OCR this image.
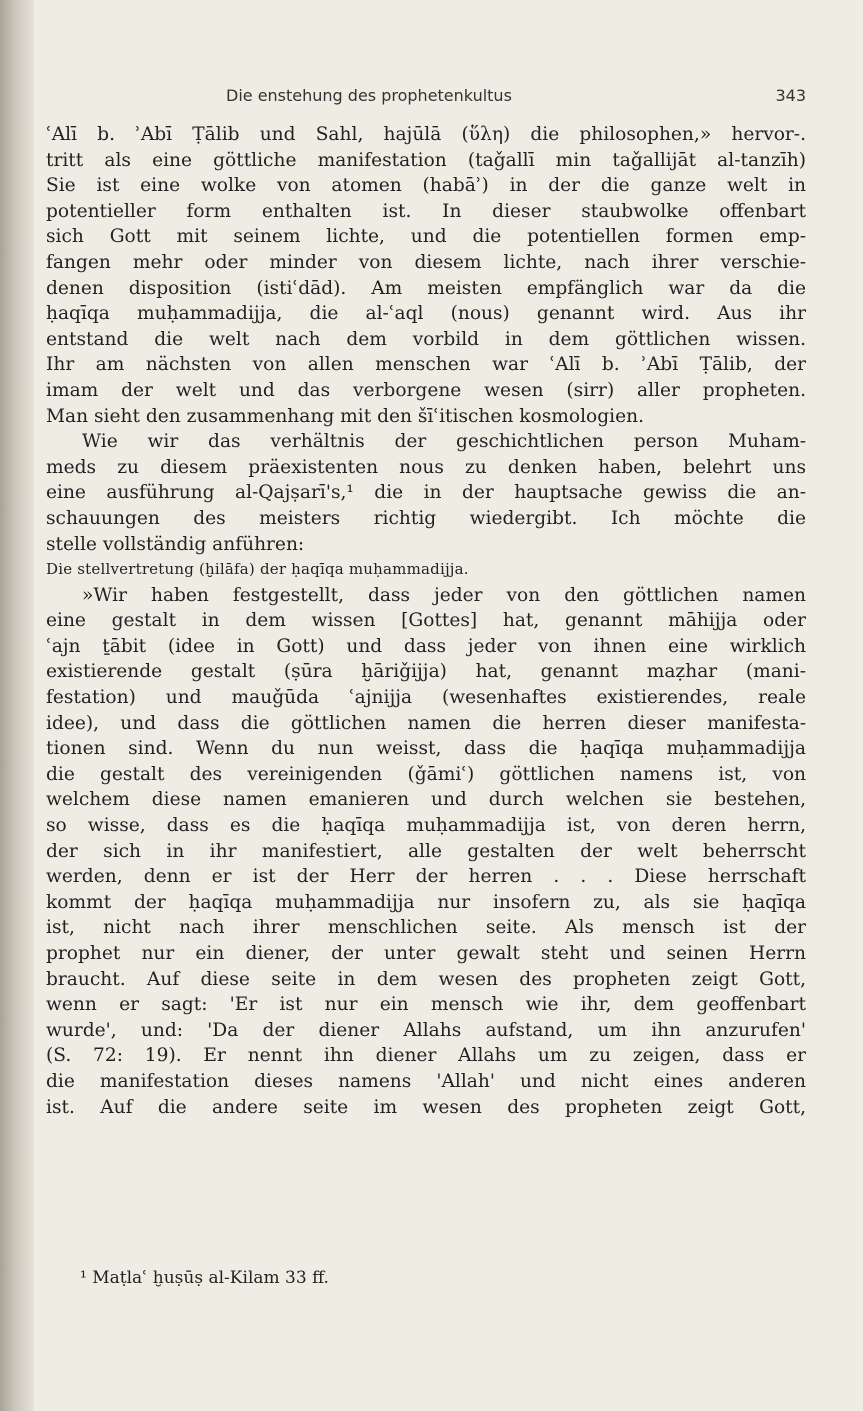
Die enstehung des prophetenkultus	343
ʿAlī b. ʾAbī Ṭālib und Sahl, hajūlā (ὕλη) die philosophen,» hervor-.
tritt als eine göttliche manifestation (taǧallī min taǧallijāt al-tanzīh)
Sie ist eine wolke von atomen (habāʾ) in der die ganze welt in
potentieller form enthalten ist. In dieser staubwolke offenbart
sich Gott mit seinem lichte, und die potentiellen formen emp-
fangen mehr oder minder von diesem lichte, nach ihrer verschie-
denen disposition (istiʿdād). Am meisten empfänglich war da die
ḥaqīqa muḥammadijja, die al-ʿaql (nous) genannt wird. Aus ihr
entstand die welt nach dem vorbild in dem göttlichen wissen.
Ihr am nächsten von allen menschen war ʿAlī b. ʾAbī Ṭālib, der
imam der welt und das verborgene wesen (sirr) aller propheten.
Man sieht den zusammenhang mit den šīʿitischen kosmologien.
Wie wir das verhältnis der geschichtlichen person Muham-
meds zu diesem präexistenten nous zu denken haben, belehrt uns
eine ausführung al-Qajṣarī's,¹ die in der hauptsache gewiss die an-
schauungen des meisters richtig wiedergibt. Ich möchte die
stelle vollständig anführen:
Die stellvertretung (ḫilāfa) der ḥaqīqa muḥammadijja.
»Wir haben festgestellt, dass jeder von den göttlichen namen
eine gestalt in dem wissen [Gottes] hat, genannt māhijja oder
ʿajn ṯābit (idee in Gott) und dass jeder von ihnen eine wirklich
existierende gestalt (ṣūra ḫāriǧijja) hat, genannt maẓhar (mani-
festation) und mauǧūda ʿajnijja (wesenhaftes existierendes, reale
idee), und dass die göttlichen namen die herren dieser manifesta-
tionen sind. Wenn du nun weisst, dass die ḥaqīqa muḥammadijja
die gestalt des vereinigenden (ǧāmiʿ) göttlichen namens ist, von
welchem diese namen emanieren und durch welchen sie bestehen,
so wisse, dass es die ḥaqīqa muḥammadijja ist, von deren herrn,
der sich in ihr manifestiert, alle gestalten der welt beherrscht
werden, denn er ist der Herr der herren . . . Diese herrschaft
kommt der ḥaqīqa muḥammadijja nur insofern zu, als sie ḥaqīqa
ist, nicht nach ihrer menschlichen seite. Als mensch ist der
prophet nur ein diener, der unter gewalt steht und seinen Herrn
braucht. Auf diese seite in dem wesen des propheten zeigt Gott,
wenn er sagt: 'Er ist nur ein mensch wie ihr, dem geoffenbart
wurde', und: 'Da der diener Allahs aufstand, um ihn anzurufen'
(S. 72: 19). Er nennt ihn diener Allahs um zu zeigen, dass er
die manifestation dieses namens 'Allah' und nicht eines anderen
ist. Auf die andere seite im wesen des propheten zeigt Gott,
¹ Maṭlaʿ ḫuṣūṣ al-Kilam 33 ff.
